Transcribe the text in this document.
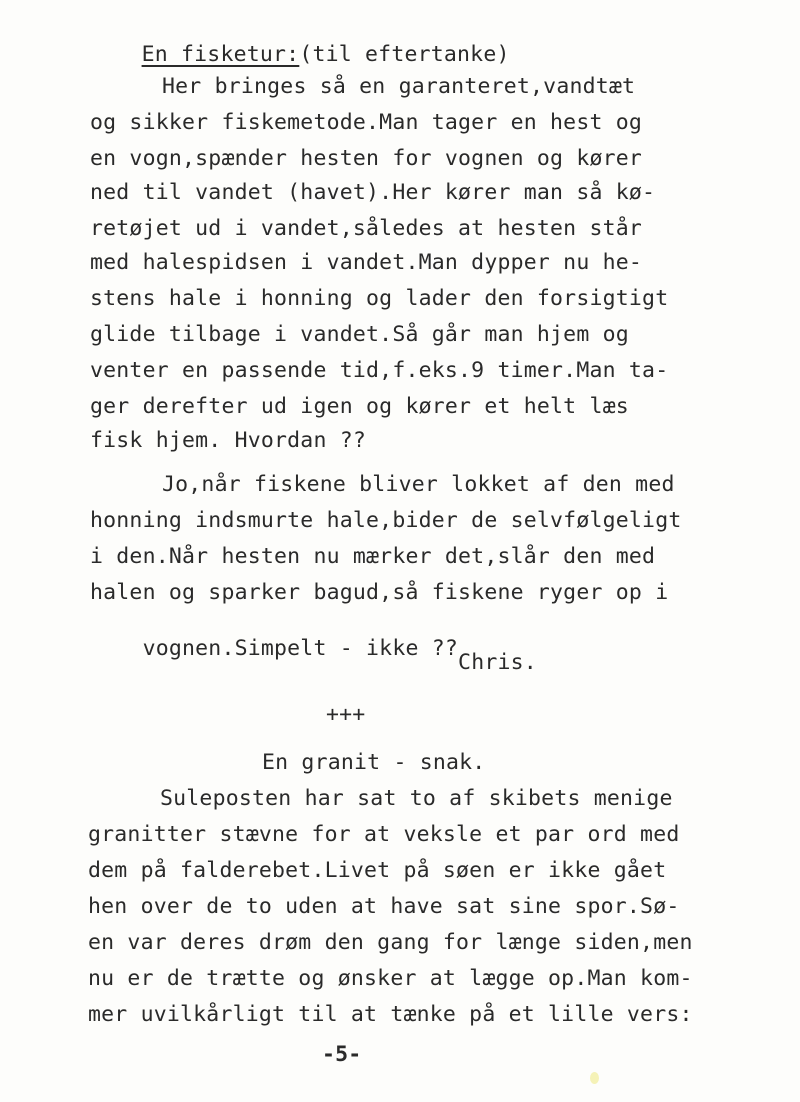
En fisketur:(til eftertanke)

Her bringes så en garanteret,vandtæt
og sikker fiskemetode.Man tager en hest og
en vogn,spænder hesten for vognen og kører
ned til vandet (havet).Her kører man så kø-
retøjet ud i vandet,således at hesten står
med halespidsen i vandet.Man dypper nu he-
stens hale i honning og lader den forsigtigt
glide tilbage i vandet.Så går man hjem og
venter en passende tid,f.eks.9 timer.Man ta-
ger derefter ud igen og kører et helt læs
fisk hjem. Hvordan ??
Jo,når fiskene bliver lokket af den med
honning indsmurte hale,bider de selvfølgeligt
i den.Når hesten nu mærker det,slår den med
halen og sparker bagud,så fiskene ryger op i

vognen.Simpelt - ikke ??Chris.

+++
En granit - snak.
Suleposten har sat to af skibets menige
granitter stævne for at veksle et par ord med
dem på falderebet.Livet på søen er ikke gået
hen over de to uden at have sat sine spor.Sø-
en var deres drøm den gang for længe siden,men
nu er de trætte og ønsker at lægge op.Man kom-
mer uvilkårligt til at tænke på et lille vers:
-5-
